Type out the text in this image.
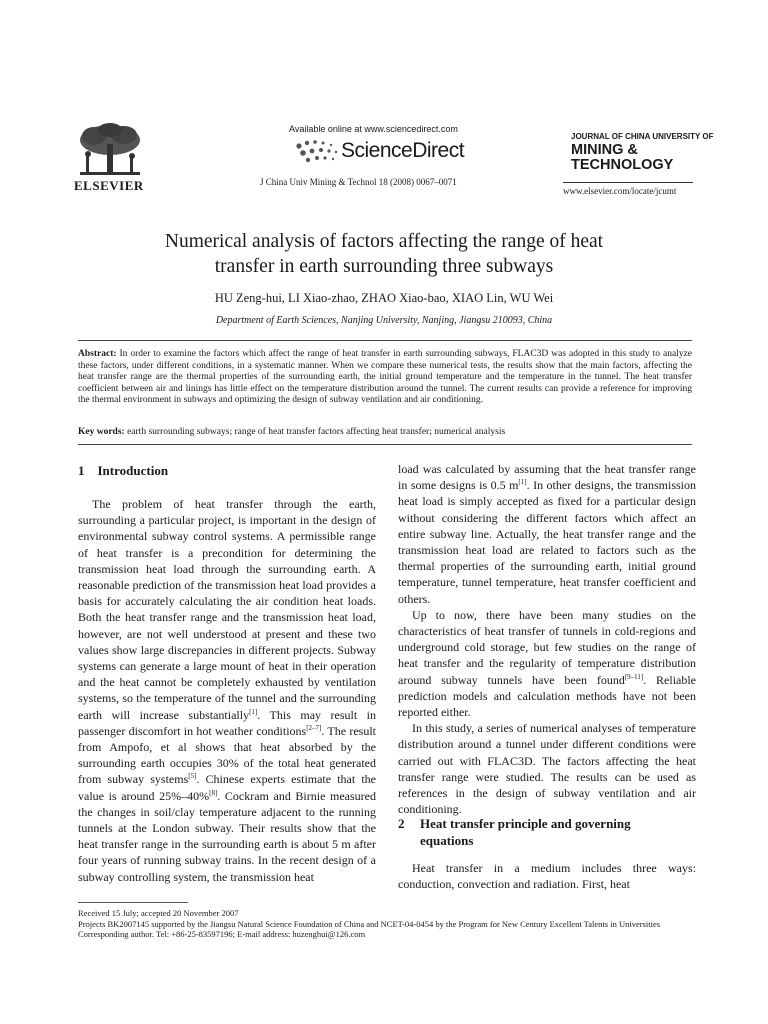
ELSEVIER
Available online at www.sciencedirect.com
ScienceDirect
J China Univ Mining & Technol 18 (2008) 0067–0071
JOURNAL OF CHINA UNIVERSITY OF
MINING &
TECHNOLOGY
www.elsevier.com/locate/jcumt
Numerical analysis of factors affecting the range of heat
transfer in earth surrounding three subways
HU Zeng-hui, LI Xiao-zhao, ZHAO Xiao-bao, XIAO Lin, WU Wei
Department of Earth Sciences, Nanjing University, Nanjing, Jiangsu 210093, China
Abstract: In order to examine the factors which affect the range of heat transfer in earth surrounding subways, FLAC3D was adopted in this study to analyze these factors, under different conditions, in a systematic manner. When we compare these numerical tests, the results show that the main factors, affecting the heat transfer range are the thermal properties of the surrounding earth, the initial ground temperature and the temperature in the tunnel. The heat transfer coefficient between air and linings has little effect on the temperature distribution around the tunnel. The current results can provide a reference for improving the thermal environment in subways and optimizing the design of subway ventilation and air conditioning.
Key words: earth surrounding subways; range of heat transfer factors affecting heat transfer; numerical analysis
1 Introduction

The problem of heat transfer through the earth, surrounding a particular project, is important in the design of environmental subway control systems. A permissible range of heat transfer is a precondition for determining the transmission heat load through the surrounding earth. A reasonable prediction of the transmission heat load provides a basis for accurately calculating the air condition heat loads. Both the heat transfer range and the transmission heat load, however, are not well understood at present and these two values show large discrepancies in different projects. Subway systems can generate a large mount of heat in their operation and the heat cannot be completely exhausted by ventilation systems, so the temperature of the tunnel and the surrounding earth will increase substantially[1]. This may result in passenger discomfort in hot weather conditions[2–7]. The result from Ampofo, et al shows that heat absorbed by the surrounding earth occupies 30% of the total heat generated from subway systems[5]. Chinese experts estimate that the value is around 25%–40%[8]. Cockram and Birnie measured the changes in soil/clay temperature adjacent to the running tunnels at the London subway. Their results show that the heat transfer range in the surrounding earth is about 5 m after four years of running subway trains. In the recent design of a subway controlling system, the transmission heat

load was calculated by assuming that the heat transfer range in some designs is 0.5 m[1]. In other designs, the transmission heat load is simply accepted as fixed for a particular design without considering the different factors which affect an entire subway line. Actually, the heat transfer range and the transmission heat load are related to factors such as the thermal properties of the surrounding earth, initial ground temperature, tunnel temperature, heat transfer coefficient and others.

Up to now, there have been many studies on the characteristics of heat transfer of tunnels in cold-regions and underground cold storage, but few studies on the range of heat transfer and the regularity of temperature distribution around subway tunnels have been found[9–11]. Reliable prediction models and calculation methods have not been reported either.

In this study, a series of numerical analyses of temperature distribution around a tunnel under different conditions were carried out with FLAC3D. The factors affecting the heat transfer range were studied. The results can be used as references in the design of subway ventilation and air conditioning.

2 Heat transfer principle and governing
equations

Heat transfer in a medium includes three ways: conduction, convection and radiation. First, heat

Received 15 July; accepted 20 November 2007
Projects BK2007145 supported by the Jiangsu Natural Science Foundation of China and NCET-04-0454 by the Program for New Century Excellent Talents in Universities
Corresponding author. Tel: +86-25-83597196; E-mail address: huzenghui@126.com
